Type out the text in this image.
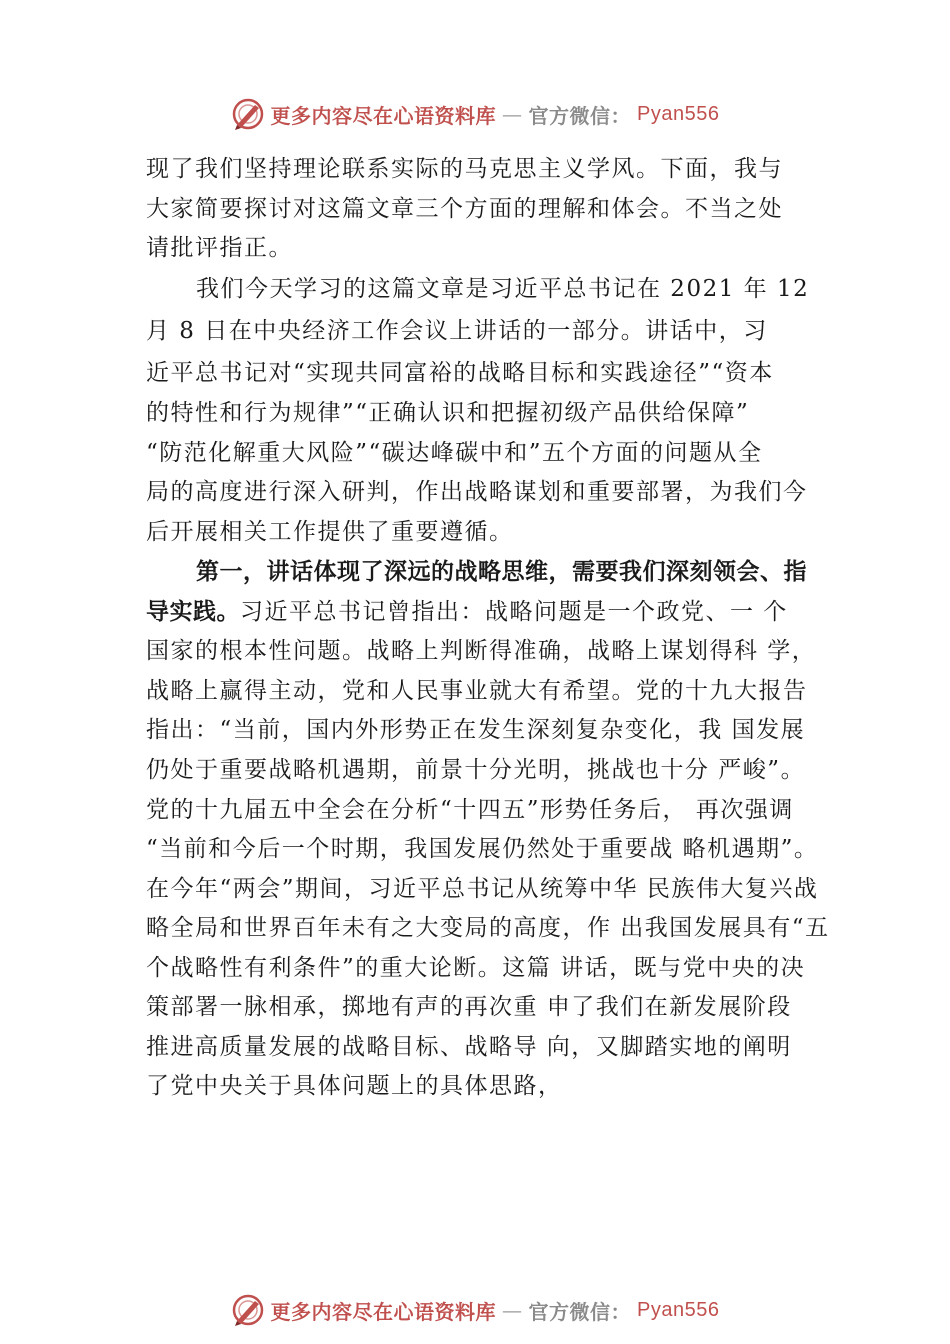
更多内容尽在心语资料库 — 官方微信： Pyan556
现了我们坚持理论联系实际的马克思主义学风。下面，我与
大家简要探讨对这篇文章三个方面的理解和体会。不当之处
请批评指正。
我们今天学习的这篇文章是习近平总书记在 2021 年 12
月 8 日在中央经济工作会议上讲话的一部分。讲话中，习
近平总书记对“实现共同富裕的战略目标和实践途径”“资本
的特性和行为规律”“正确认识和把握初级产品供给保障”
“防范化解重大风险”“碳达峰碳中和”五个方面的问题从全
局的高度进行深入研判，作出战略谋划和重要部署，为我们今
后开展相关工作提供了重要遵循。
第一，讲话体现了深远的战略思维，需要我们深刻领会、指
导实践。习近平总书记曾指出：战略问题是一个政党、一 个
国家的根本性问题。战略上判断得准确，战略上谋划得科 学，
战略上赢得主动，党和人民事业就大有希望。党的十九大报告
指出：“当前，国内外形势正在发生深刻复杂变化，我 国发展
仍处于重要战略机遇期，前景十分光明，挑战也十分 严峻”。
党的十九届五中全会在分析“十四五”形势任务后， 再次强调
“当前和今后一个时期，我国发展仍然处于重要战 略机遇期”。
在今年“两会”期间，习近平总书记从统筹中华 民族伟大复兴战
略全局和世界百年未有之大变局的高度，作 出我国发展具有“五
个战略性有利条件”的重大论断。这篇 讲话，既与党中央的决
策部署一脉相承，掷地有声的再次重 申了我们在新发展阶段
推进高质量发展的战略目标、战略导 向，又脚踏实地的阐明
了党中央关于具体问题上的具体思路，
更多内容尽在心语资料库 — 官方微信： Pyan556
